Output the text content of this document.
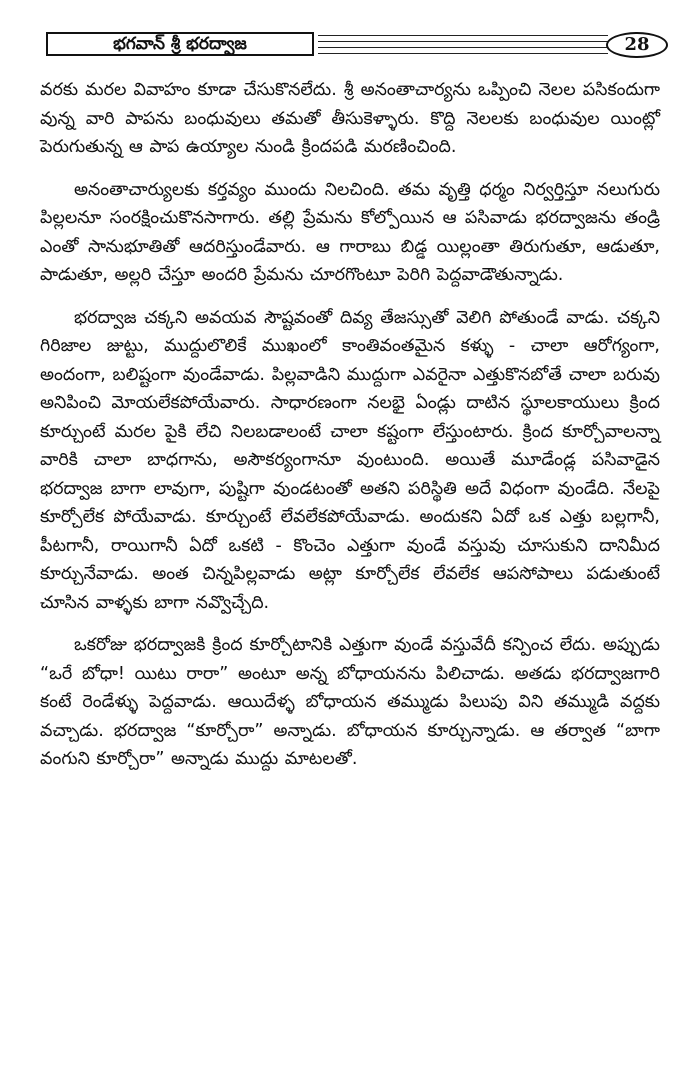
భగవాన్ శ్రీ భరద్వాజ	28

వరకు మరల వివాహం కూడా చేసుకొనలేదు. శ్రీ అనంతాచార్యను ఒప్పించి నెలల పసికందుగా వున్న వారి పాపను బంధువులు తమతో తీసుకెళ్ళారు. కొద్ది నెలలకు బంధువుల యింట్లో పెరుగుతున్న ఆ పాప ఉయ్యాల నుండి క్రిందపడి మరణించింది.

అనంతాచార్యులకు కర్తవ్యం ముందు నిలచింది. తమ వృత్తి ధర్మం నిర్వర్తిస్తూ నలుగురు పిల్లలనూ సంరక్షించుకొనసాగారు. తల్లి ప్రేమను కోల్పోయిన ఆ పసివాడు భరద్వాజను తండ్రి ఎంతో సానుభూతితో ఆదరిస్తుండేవారు. ఆ గారాబు బిడ్డ యిల్లంతా తిరుగుతూ, ఆడుతూ, పాడుతూ, అల్లరి చేస్తూ అందరి ప్రేమను చూరగొంటూ పెరిగి పెద్దవాడౌతున్నాడు.

భరద్వాజ చక్కని అవయవ సౌష్టవంతో దివ్య తేజస్సుతో వెలిగి పోతుండే వాడు. చక్కని గిరిజాల జుట్టు, ముద్దులొలికే ముఖంలో కాంతివంతమైన కళ్ళు - చాలా ఆరోగ్యంగా, అందంగా, బలిష్టంగా వుండేవాడు. పిల్లవాడిని ముద్దుగా ఎవరైనా ఎత్తుకొనబోతే చాలా బరువు అనిపించి మోయలేకపోయేవారు. సాధారణంగా నలభై ఏండ్లు దాటిన స్థూలకాయులు క్రింద కూర్చుంటే మరల పైకి లేచి నిలబడాలంటే చాలా కష్టంగా లేస్తుంటారు. క్రింద కూర్చోవాలన్నా వారికి చాలా బాధగాను, అసౌకర్యంగానూ వుంటుంది. అయితే మూడేండ్ల పసివాడైన భరద్వాజ బాగా లావుగా, పుష్టిగా వుండటంతో అతని పరిస్థితి అదే విధంగా వుండేది. నేలపై కూర్చోలేక పోయేవాడు. కూర్చుంటే లేవలేకపోయేవాడు. అందుకని ఏదో ఒక ఎత్తు బల్లగానీ, పీటగానీ, రాయిగానీ ఏదో ఒకటి - కొంచెం ఎత్తుగా వుండే వస్తువు చూసుకుని దానిమీద కూర్చునేవాడు. అంత చిన్నపిల్లవాడు అట్లా కూర్చోలేక లేవలేక ఆపసోపాలు పడుతుంటే చూసిన వాళ్ళకు బాగా నవ్వొచ్చేది.

ఒకరోజు భరద్వాజకి క్రింద కూర్చోటానికి ఎత్తుగా వుండే వస్తువేదీ కన్పించ లేదు. అప్పుడు “ఒరే బోధా! యిటు రారా” అంటూ అన్న బోధాయనను పిలిచాడు. అతడు భరద్వాజగారి కంటే రెండేళ్ళు పెద్దవాడు. ఆయిదేళ్ళ బోధాయన తమ్ముడు పిలుపు విని తమ్ముడి వద్దకు వచ్చాడు. భరద్వాజ “కూర్చోరా” అన్నాడు. బోధాయన కూర్చున్నాడు. ఆ తర్వాత “బాగా వంగుని కూర్చోరా” అన్నాడు ముద్దు మాటలతో.
